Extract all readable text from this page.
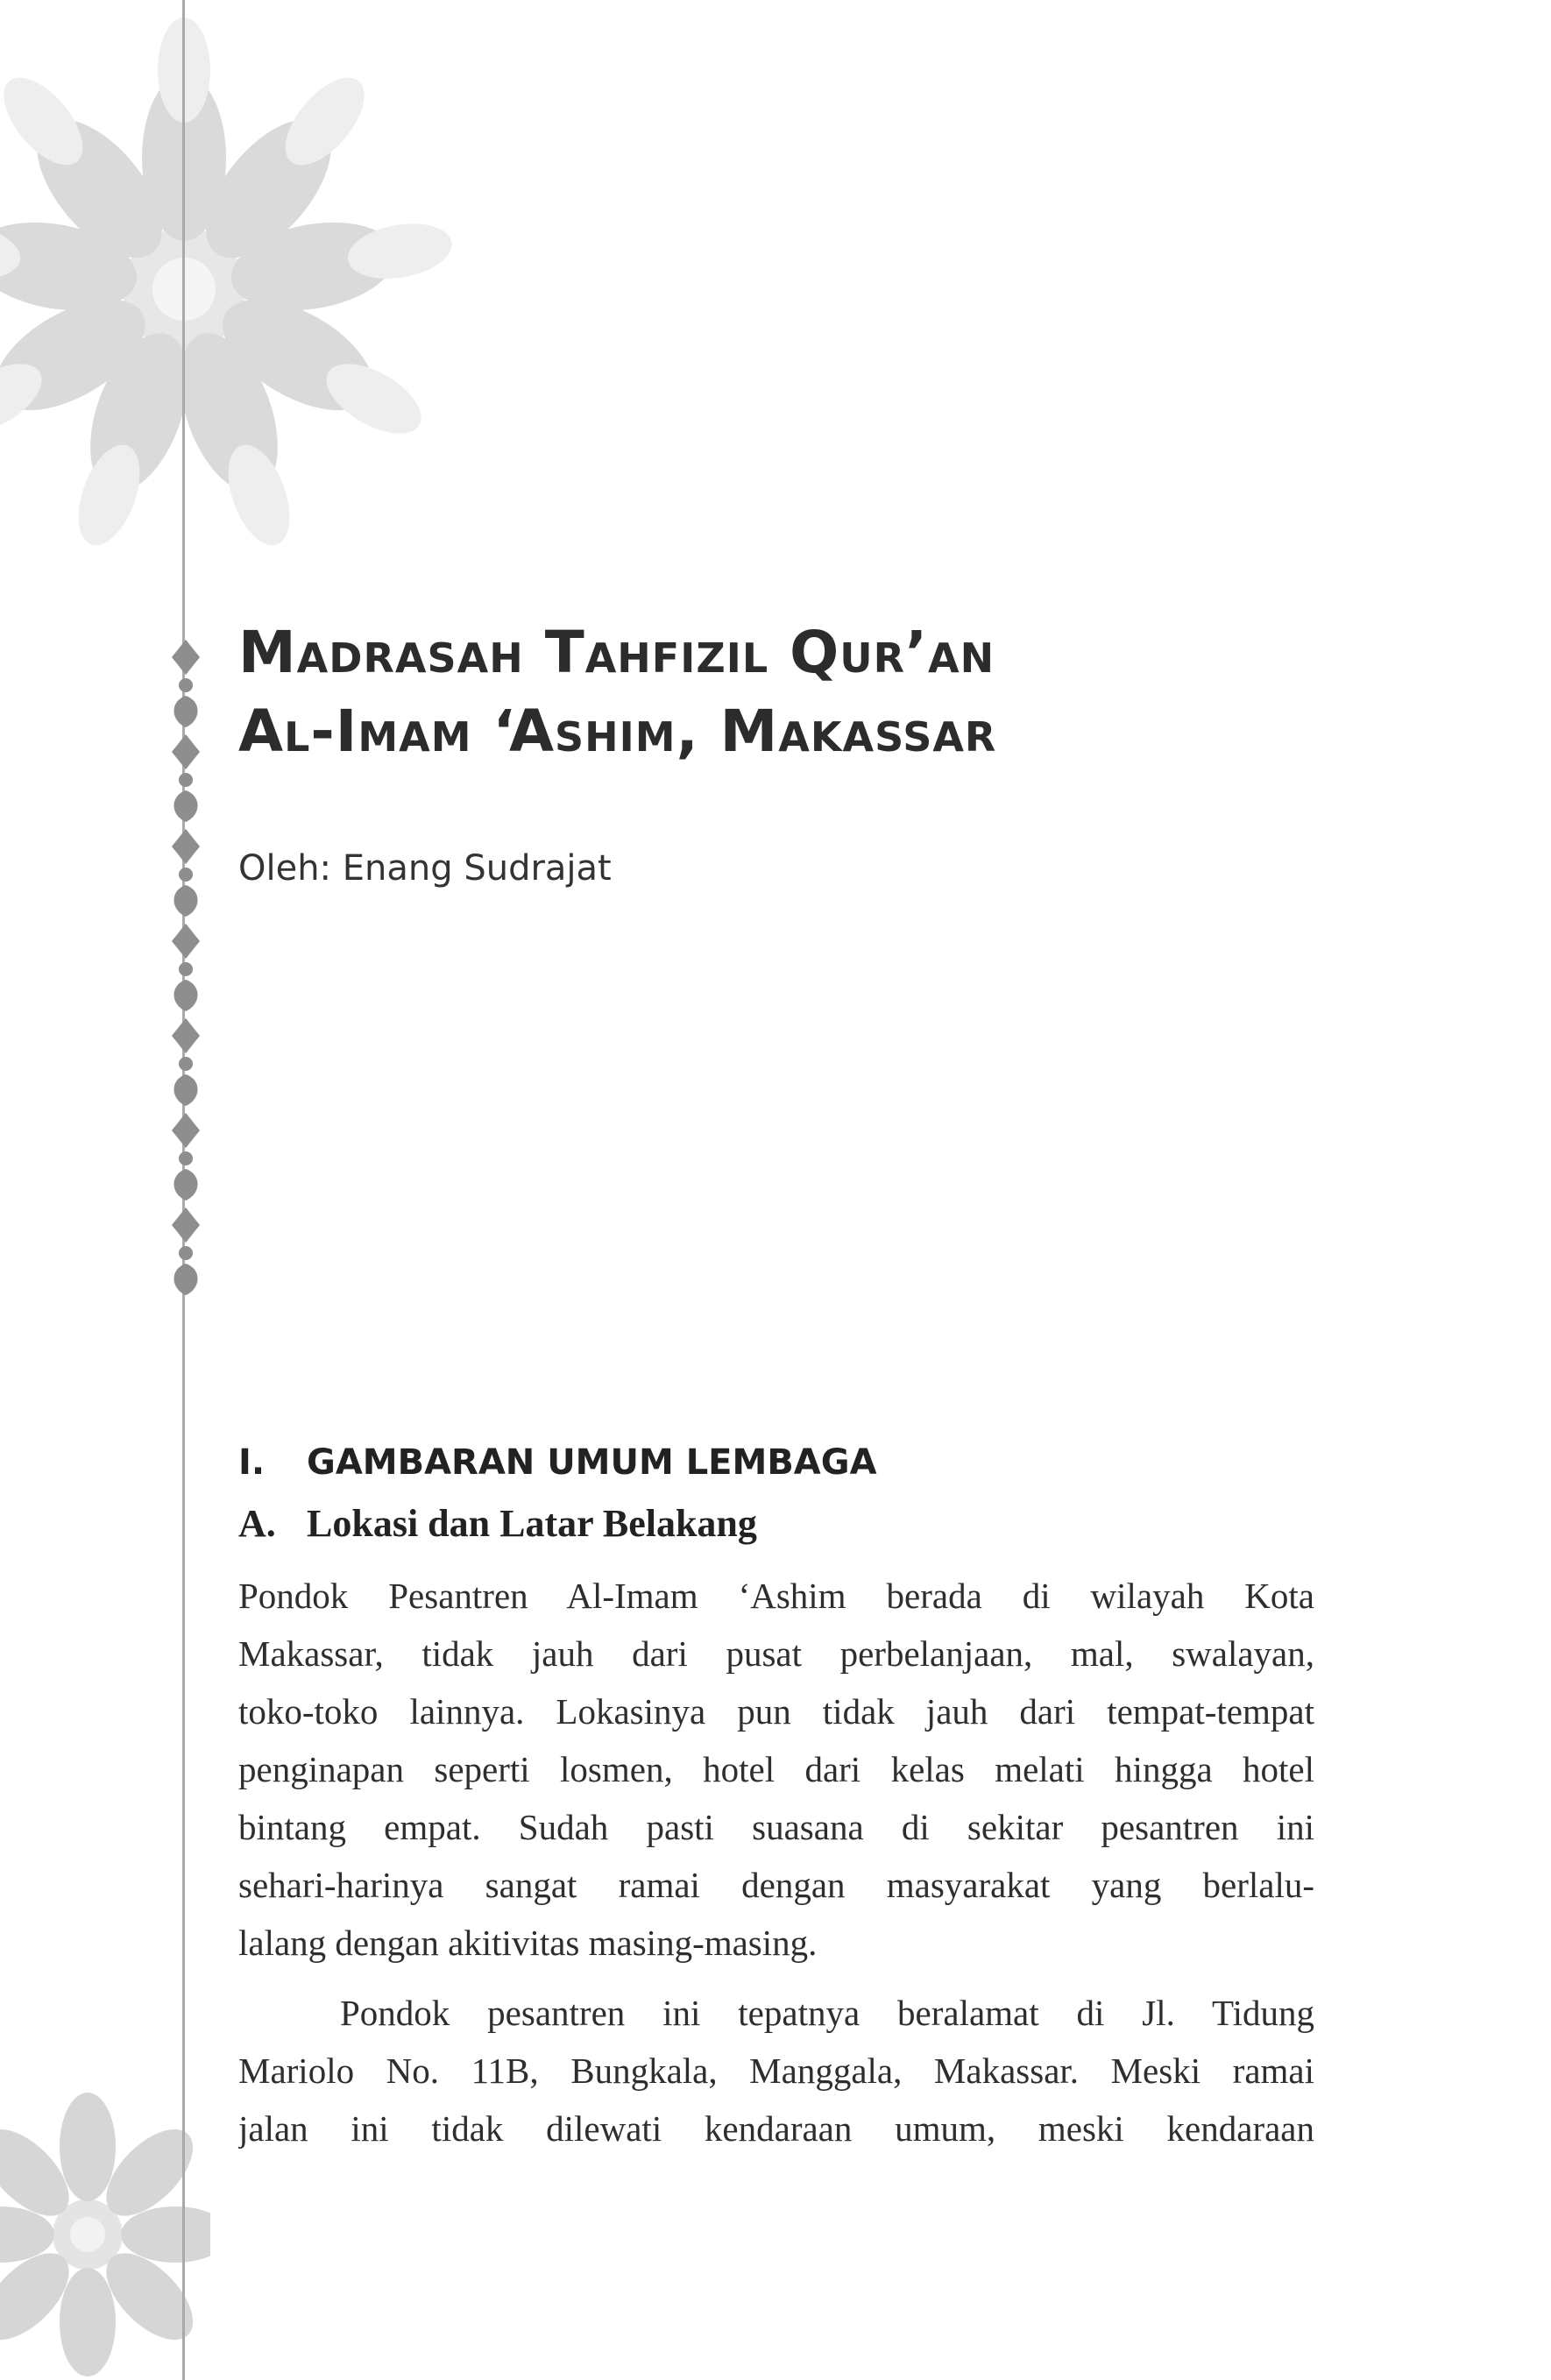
Madrasah Tahfizil Qur’an
Al-Imam ‘Ashim, Makassar
Oleh: Enang Sudrajat
I. GAMBARAN UMUM LEMBAGA
A. Lokasi dan Latar Belakang
Pondok Pesantren Al-Imam ‘Ashim berada di wilayah Kota
Makassar, tidak jauh dari pusat perbelanjaan, mal, swalayan,
toko-toko lainnya. Lokasinya pun tidak jauh dari tempat-tempat
penginapan seperti losmen, hotel dari kelas melati hingga hotel
bintang empat. Sudah pasti suasana di sekitar pesantren ini
sehari-harinya sangat ramai dengan masyarakat yang berlalu-
lalang dengan akitivitas masing-masing.
Pondok pesantren ini tepatnya beralamat di Jl. Tidung
Mariolo No. 11B, Bungkala, Manggala, Makassar. Meski ramai
jalan ini tidak dilewati kendaraan umum, meski kendaraan
